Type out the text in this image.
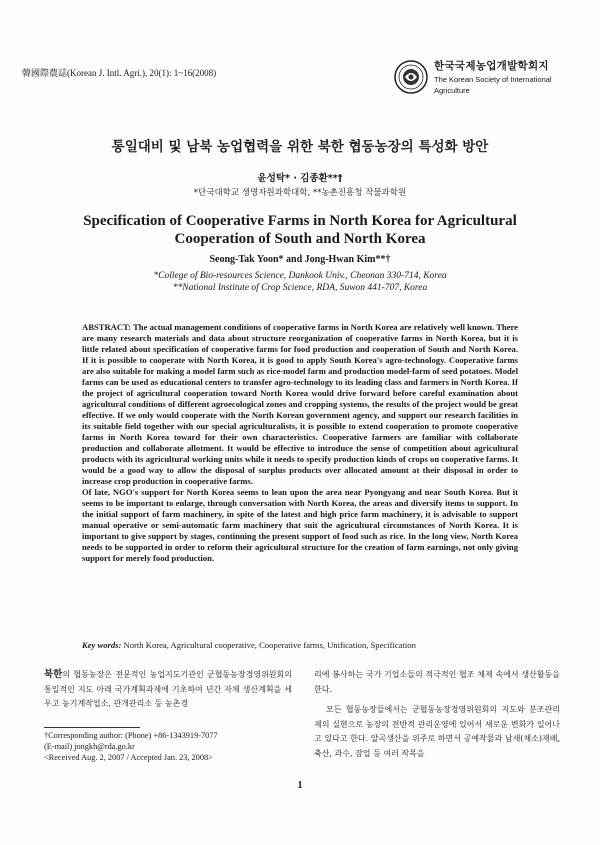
韓國際農誌(Korean J. Intl. Agri.), 20(1): 1~16(2008)
한국국제농업개발학회지
The Korean Society of International
Agriculture
통일대비 및 남북 농업협력을 위한 북한 협동농장의 특성화 방안
윤성탁* · 김종환**†
*단국대학교 생명자원과학대학, **농촌진흥청 작물과학원
Specification of Cooperative Farms in North Korea for Agricultural Cooperation of South and North Korea
Seong-Tak Yoon* and Jong-Hwan Kim**†
*College of Bio-resources Science, Dankook Univ., Cheonan 330-714, Korea
**National Institute of Crop Science, RDA, Suwon 441-707, Korea

ABSTRACT: The actual management conditions of cooperative farms in North Korea are relatively well known. There are many research materials and data about structure reorganization of cooperative farms in North Korea, but it is little related about specification of cooperative farms for food production and cooperation of South and North Korea. If it is possible to cooperate with North Korea, it is good to apply South Korea's agro-technology. Cooperative farms are also suitable for making a model farm such as rice-model farm and production model-farm of seed potatoes. Model farms can be used as educational centers to transfer agro-technology to its leading class and farmers in North Korea. If the project of agricultural cooperation toward North Korea would drive forward before careful examination about agricultural conditions of different agroecological zones and cropping systems, the results of the project would be great effective. If we only would cooperate with the North Korean government agency, and support our research facilities in its suitable field together with our special agriculturalists, it is possible to extend cooperation to promote cooperative farms in North Korea toward for their own characteristics. Cooperative farmers are familiar with collaborate production and collaborate allotment. It would be effective to introduce the sense of competition about agricultural products with its agricultural working units while it needs to specify production kinds of crops on cooperative farms. It would be a good way to allow the disposal of surplus products over allocated amount at their disposal in order to increase crop production in cooperative farms.

Of late, NGO's support for North Korea seems to lean upon the area near Pyongyang and near South Korea. But it seems to be important to enlarge, through conversation with North Korea, the areas and diversify items to support. In the initial support of farm machinery, in spite of the latest and high price farm machinery, it is advisable to support manual operative or semi-automatic farm machinery that suit the agricultural circumstances of North Korea. It is important to give support by stages, continuing the present support of food such as rice. In the long view, North Korea needs to be supported in order to reform their agricultural structure for the creation of farm earnings, not only giving support for merely food production.

Key words: North Korea, Agricultural cooperative, Cooperative farms, Unification, Specification
북한의 협동농장은 전문적인 농업지도기관인 군협동농장경영위원회의 통일적인 지도 아래 국가계획과제에 기초하여 년간 자체 생산계획을 세우고 농기계작업소, 관개관리소 등 농촌경

리에 봉사하는 국가 기업소들의 적극적인 협조 체제 속에서 생산활동을 한다.

모든 협동농장들에서는 군협동농장경영위원회의 지도와 분조관리제의 실현으로 농장의 전반적 관리운영에 있어서 새로운 변화가 일어나고 있다고 한다. 알곡생산을 위주로 하면서 공예작물과 남새(채소)재배, 축산, 과수, 잠업 등 여러 작목을

†Corresponding author: (Phone) +86-1343919-7077
(E-mail) jongkh@rda.go.kr
<Received Aug. 2, 2007 / Accepted Jan. 23, 2008>
1
